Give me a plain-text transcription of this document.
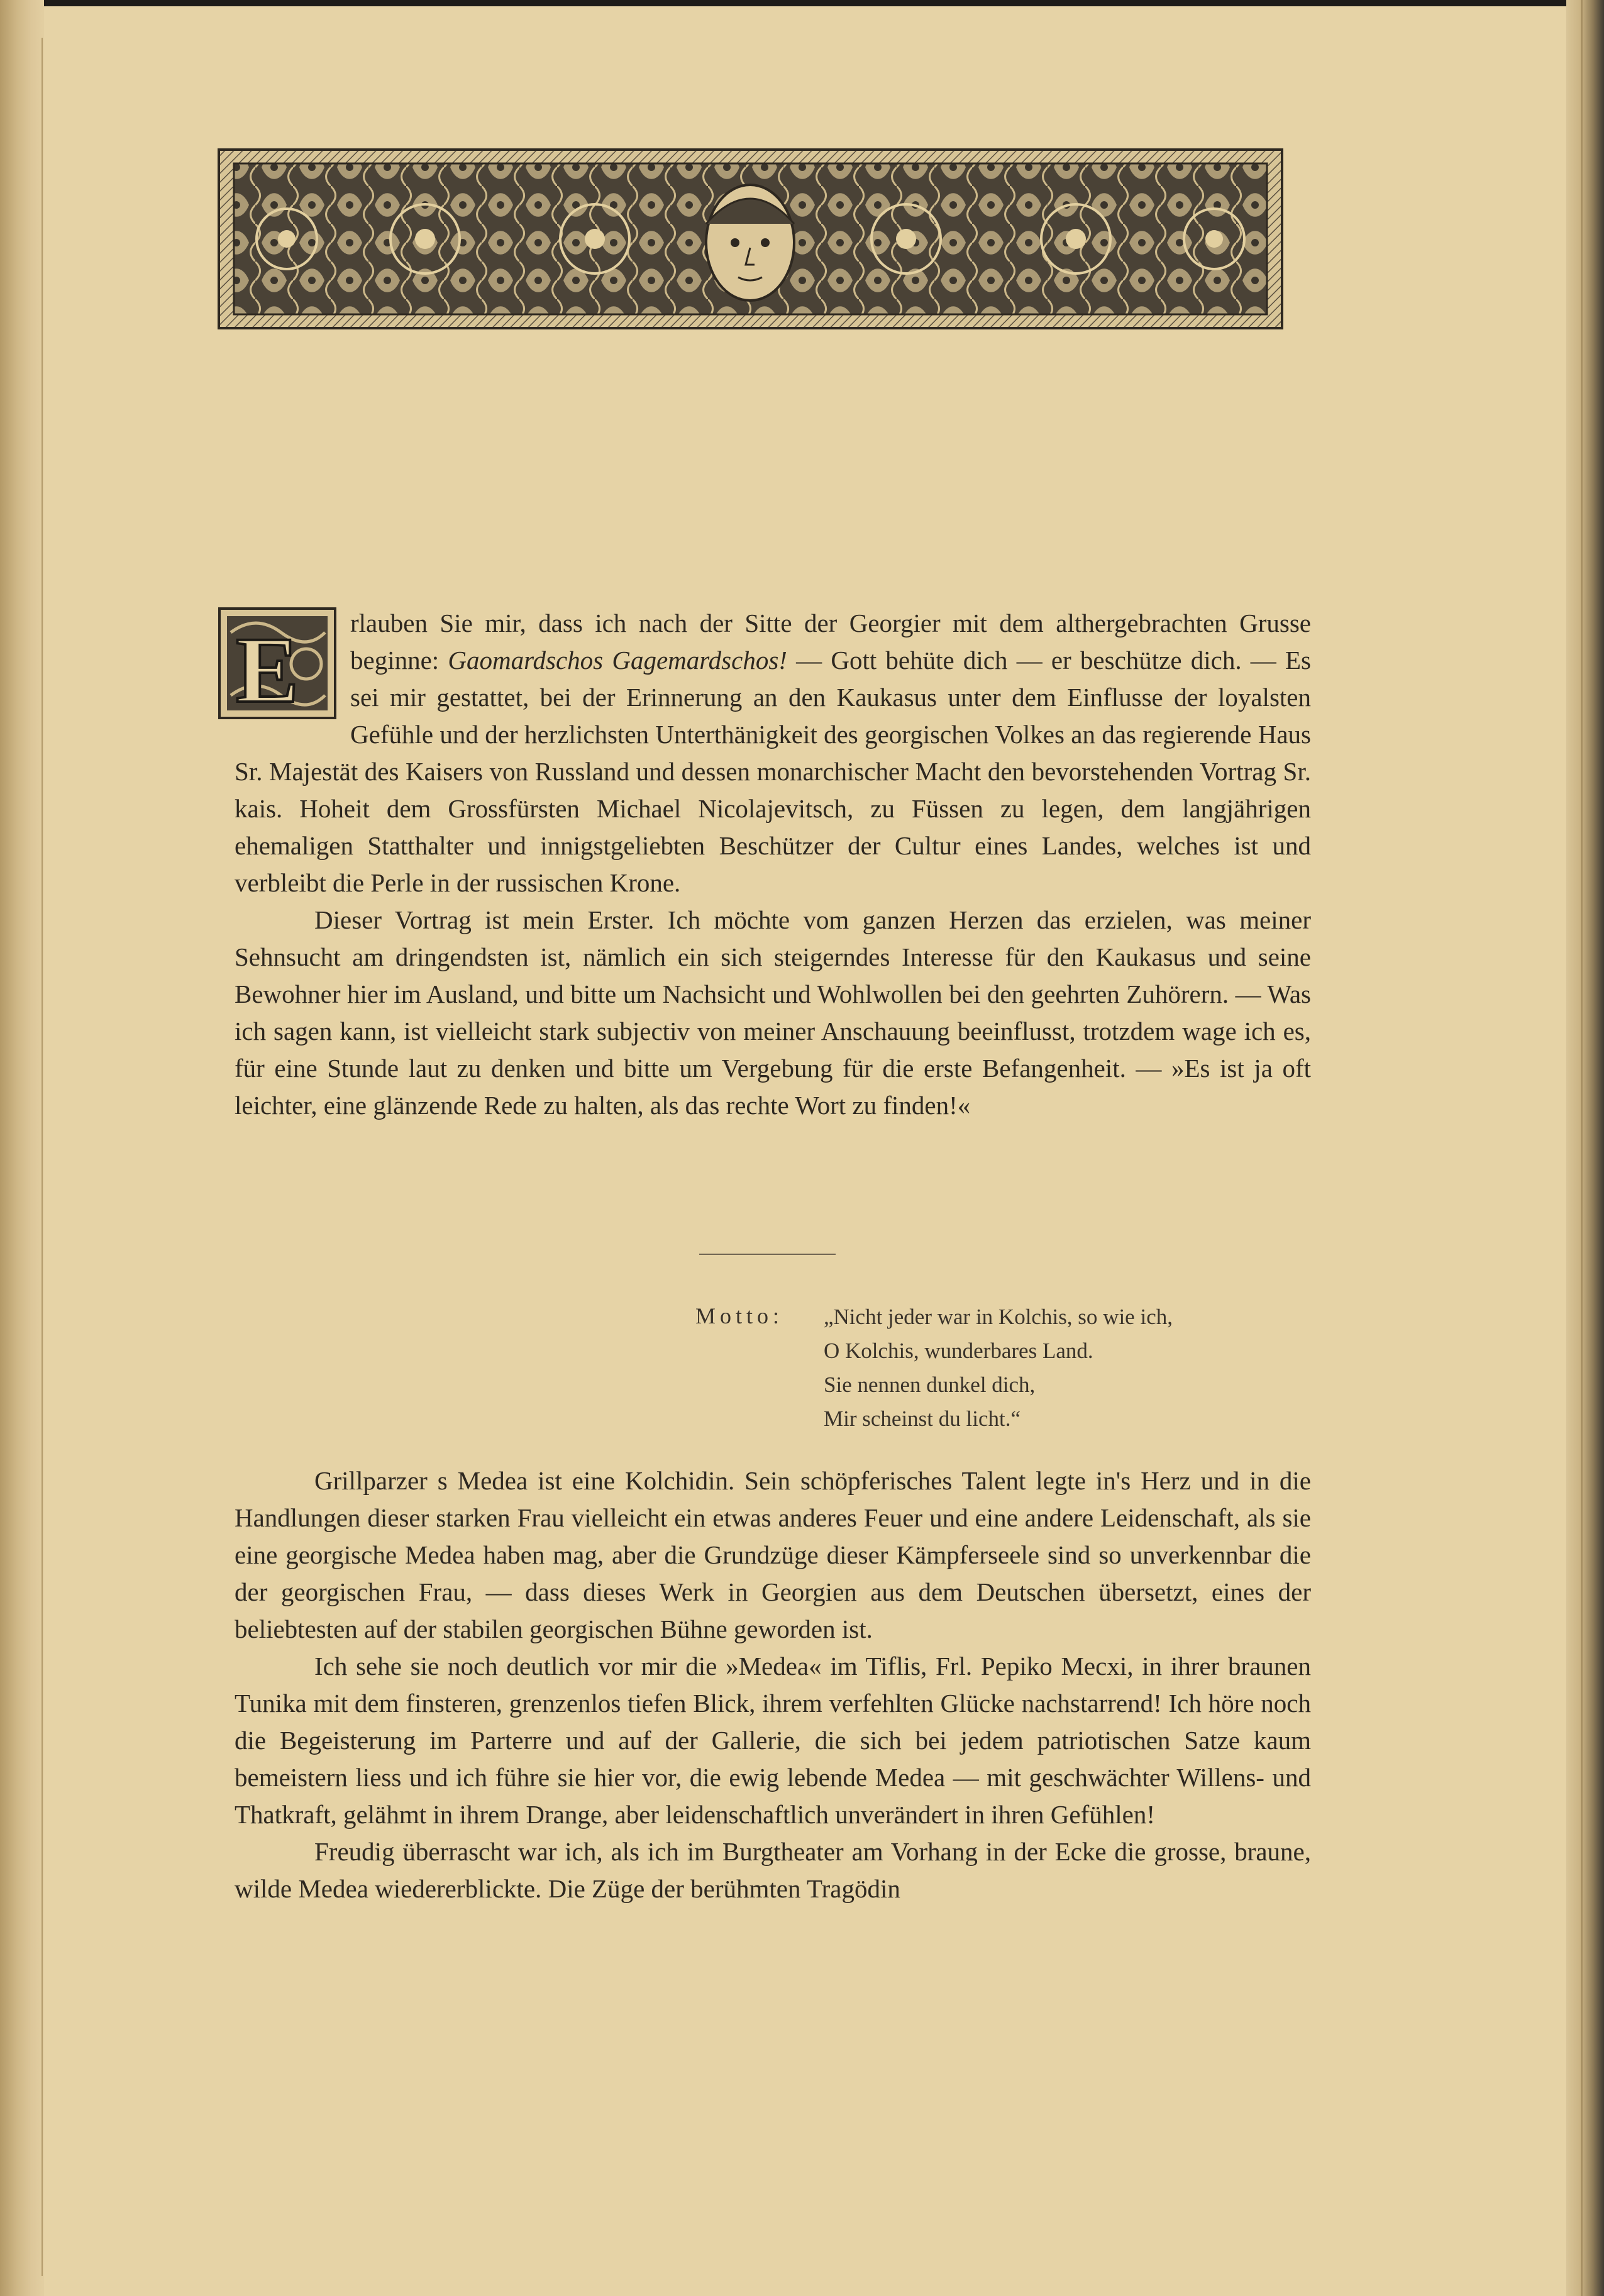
E rlauben Sie mir, dass ich nach der Sitte der Georgier mit dem althergebrachten Grusse beginne: Gaomardschos Gagemardschos! — Gott behüte dich — er beschütze dich. — Es sei mir gestattet, bei der Erinnerung an den Kaukasus unter dem Einflusse der loyalsten Gefühle und der herzlichsten Unterthänigkeit des georgischen Volkes an das regierende Haus Sr. Majestät des Kaisers von Russland und dessen monarchischer Macht den bevorstehenden Vortrag Sr. kais. Hoheit dem Grossfürsten Michael Nicolajevitsch, zu Füssen zu legen, dem langjährigen ehemaligen Statthalter und innigstgeliebten Beschützer der Cultur eines Landes, welches ist und verbleibt die Perle in der russischen Krone.

Dieser Vortrag ist mein Erster. Ich möchte vom ganzen Herzen das erzielen, was meiner Sehnsucht am dringendsten ist, nämlich ein sich steigerndes Interesse für den Kaukasus und seine Bewohner hier im Ausland, und bitte um Nachsicht und Wohlwollen bei den geehrten Zuhörern. — Was ich sagen kann, ist vielleicht stark subjectiv von meiner Anschauung beeinflusst, trotzdem wage ich es, für eine Stunde laut zu denken und bitte um Vergebung für die erste Befangenheit. — »Es ist ja oft leichter, eine glänzende Rede zu halten, als das rechte Wort zu finden!«

Motto: „Nicht jeder war in Kolchis, so wie ich,
O Kolchis, wunderbares Land.
Sie nennen dunkel dich,
Mir scheinst du licht.“

Grillparzer s Medea ist eine Kolchidin. Sein schöpferisches Talent legte in's Herz und in die Handlungen dieser starken Frau vielleicht ein etwas anderes Feuer und eine andere Leidenschaft, als sie eine georgische Medea haben mag, aber die Grundzüge dieser Kämpferseele sind so unverkennbar die der georgischen Frau, — dass dieses Werk in Georgien aus dem Deutschen übersetzt, eines der beliebtesten auf der stabilen georgischen Bühne geworden ist.

Ich sehe sie noch deutlich vor mir die »Medea« im Tiflis, Frl. Pepiko Mecxi, in ihrer braunen Tunika mit dem finsteren, grenzenlos tiefen Blick, ihrem verfehlten Glücke nachstarrend! Ich höre noch die Begeisterung im Parterre und auf der Gallerie, die sich bei jedem patriotischen Satze kaum bemeistern liess und ich führe sie hier vor, die ewig lebende Medea — mit geschwächter Willens- und Thatkraft, gelähmt in ihrem Drange, aber leidenschaftlich unverändert in ihren Gefühlen!

Freudig überrascht war ich, als ich im Burgtheater am Vorhang in der Ecke die grosse, braune, wilde Medea wiedererblickte. Die Züge der berühmten Tragödin
